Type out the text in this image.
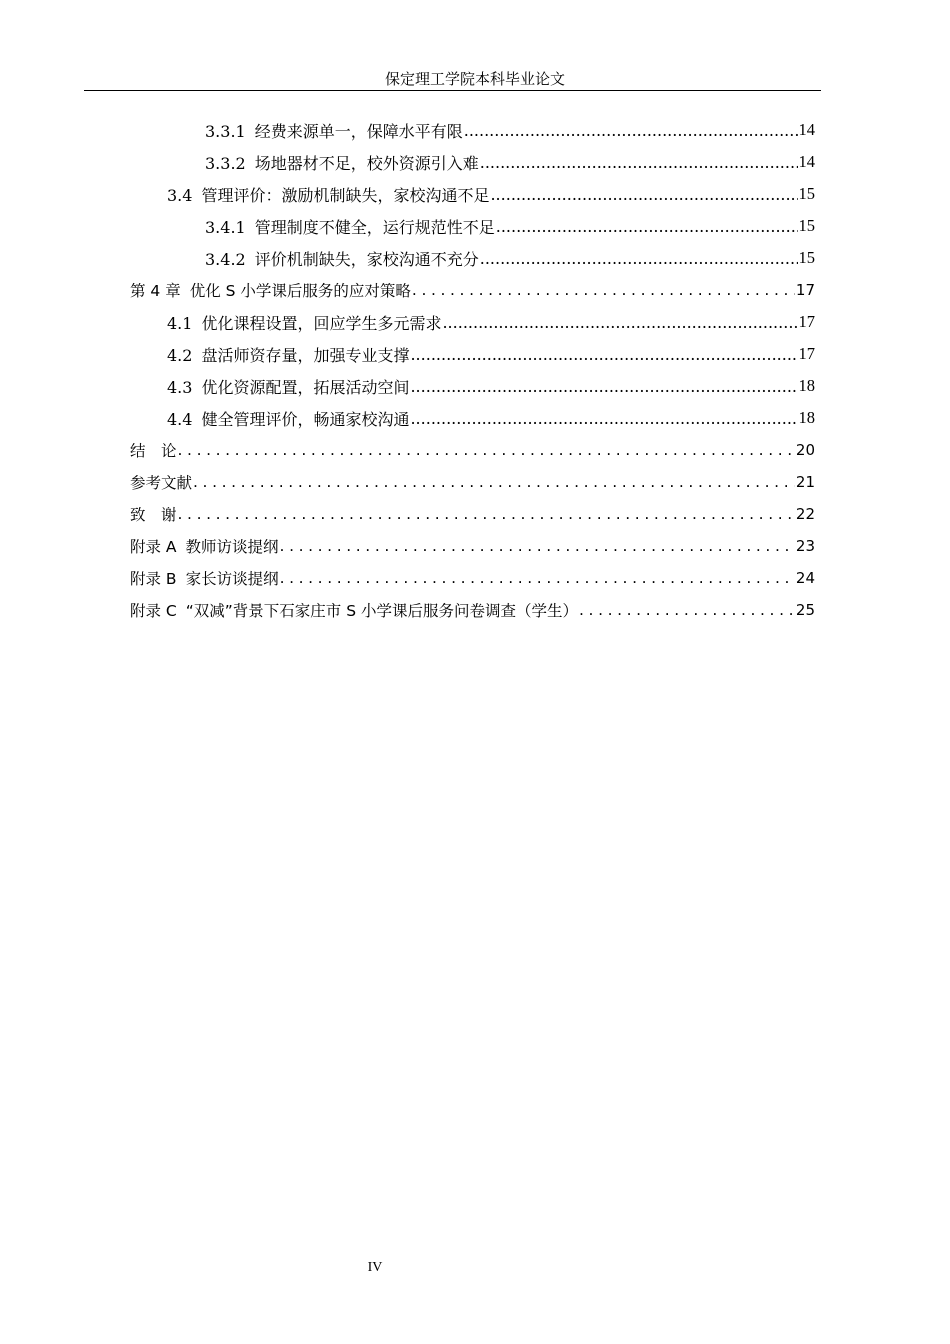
保定理工学院本科毕业论文
3.3.1 经费来源单一，保障水平有限 .....	14
3.3.2 场地器材不足，校外资源引入难 .....	14
3.4 管理评价：激励机制缺失，家校沟通不足 .....	15
3.4.1 管理制度不健全，运行规范性不足 .....	15
3.4.2 评价机制缺失，家校沟通不充分 .....	15
第 4 章 优化 S 小学课后服务的应对策略 .....	17
4.1 优化课程设置，回应学生多元需求 .....	17
4.2 盘活师资存量，加强专业支撑 .....	17
4.3 优化资源配置，拓展活动空间 .....	18
4.4 健全管理评价，畅通家校沟通 .....	18
结　论 .....	20
参考文献 .....	21
致　谢 .....	22
附录 A 教师访谈提纲 .....	23
附录 B 家长访谈提纲 .....	24
附录 C “双减”背景下石家庄市 S 小学课后服务问卷调查（学生） .....	25
IV
